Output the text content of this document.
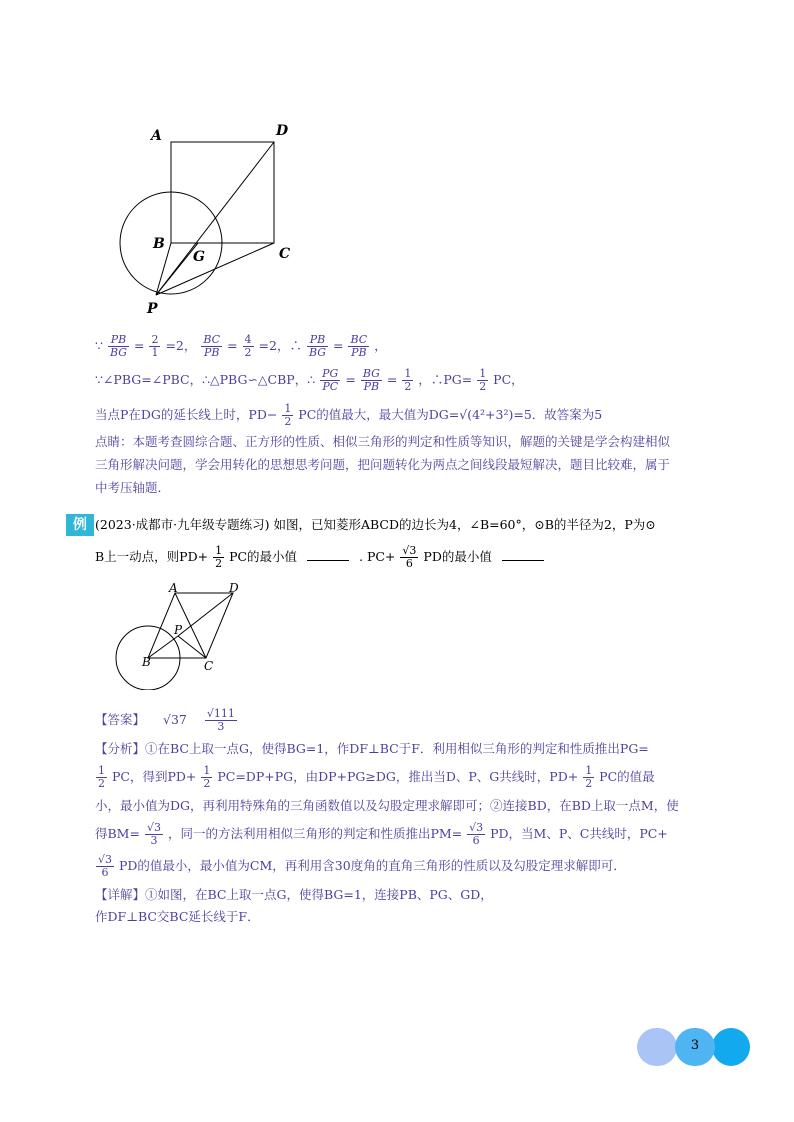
A	D
B
G	C
P
∵ $\frac{PB}{BG} = \frac{2}{1} =2$， $\frac{BC}{PB} = \frac{4}{2} =2$，∴ $\frac{PB}{BG} = \frac{BC}{PB}$ ，
∵∠PBG=∠PBC，∴△PBG∽△CBP，∴ $\frac{PG}{PC} = \frac{BG}{PB} = \frac{1}{2}$ ，∴PG= $\frac{1}{2}$ PC，
当点P在DG的延长线上时，$PD- \frac{1}{2}$ PC的值最大，最大值为DG=√(4²+3²)=5．故答案为5
点睛：本题考查圆综合题、正方形的性质、相似三角形的判定和性质等知识，解题的关键是学会构建相似
三角形解决问题，学会用转化的思想思考问题，把问题转化为两点之间线段最短解决，题目比较难，属于
中考压轴题．
例 3
(2023·成都市·九年级专题练习) 如图，已知菱形ABCD的边长为4，∠B=60°，⊙B的半径为2，P为⊙
B上一动点，则$PD+ \frac{1}{2}$ PC的最小值	. $PC+ \frac{√3}{6}$ PD的最小值
A	D
P
B	C
【答案】 $√37 \frac{√111}{3}$
【分析】①在BC上取一点G，使得BG=1，作DF⊥BC于F．利用相似三角形的判定和性质推出PG=
$\frac{1}{2}$ PC，得到$PD+ \frac{1}{2} PC=DP+PG$，由DP+PG≥DG，推出当D、P、G共线时，$PD+ \frac{1}{2}$ PC的值最
小，最小值为DG，再利用特殊角的三角函数值以及勾股定理求解即可；②连接BD，在BD上取一点M，使
得$BM= \frac{√3}{3}$ ，同一的方法利用相似三角形的判定和性质推出$PM= \frac{√3}{6}$ PD，当M、P、C共线时，PC+
$\frac{√3}{6}$ PD的值最小，最小值为CM，再利用含30度角的直角三角形的性质以及勾股定理求解即可．
【详解】①如图，在BC上取一点G，使得BG=1，连接PB、PG、GD，
作DF⊥BC交BC延长线于F．
3
